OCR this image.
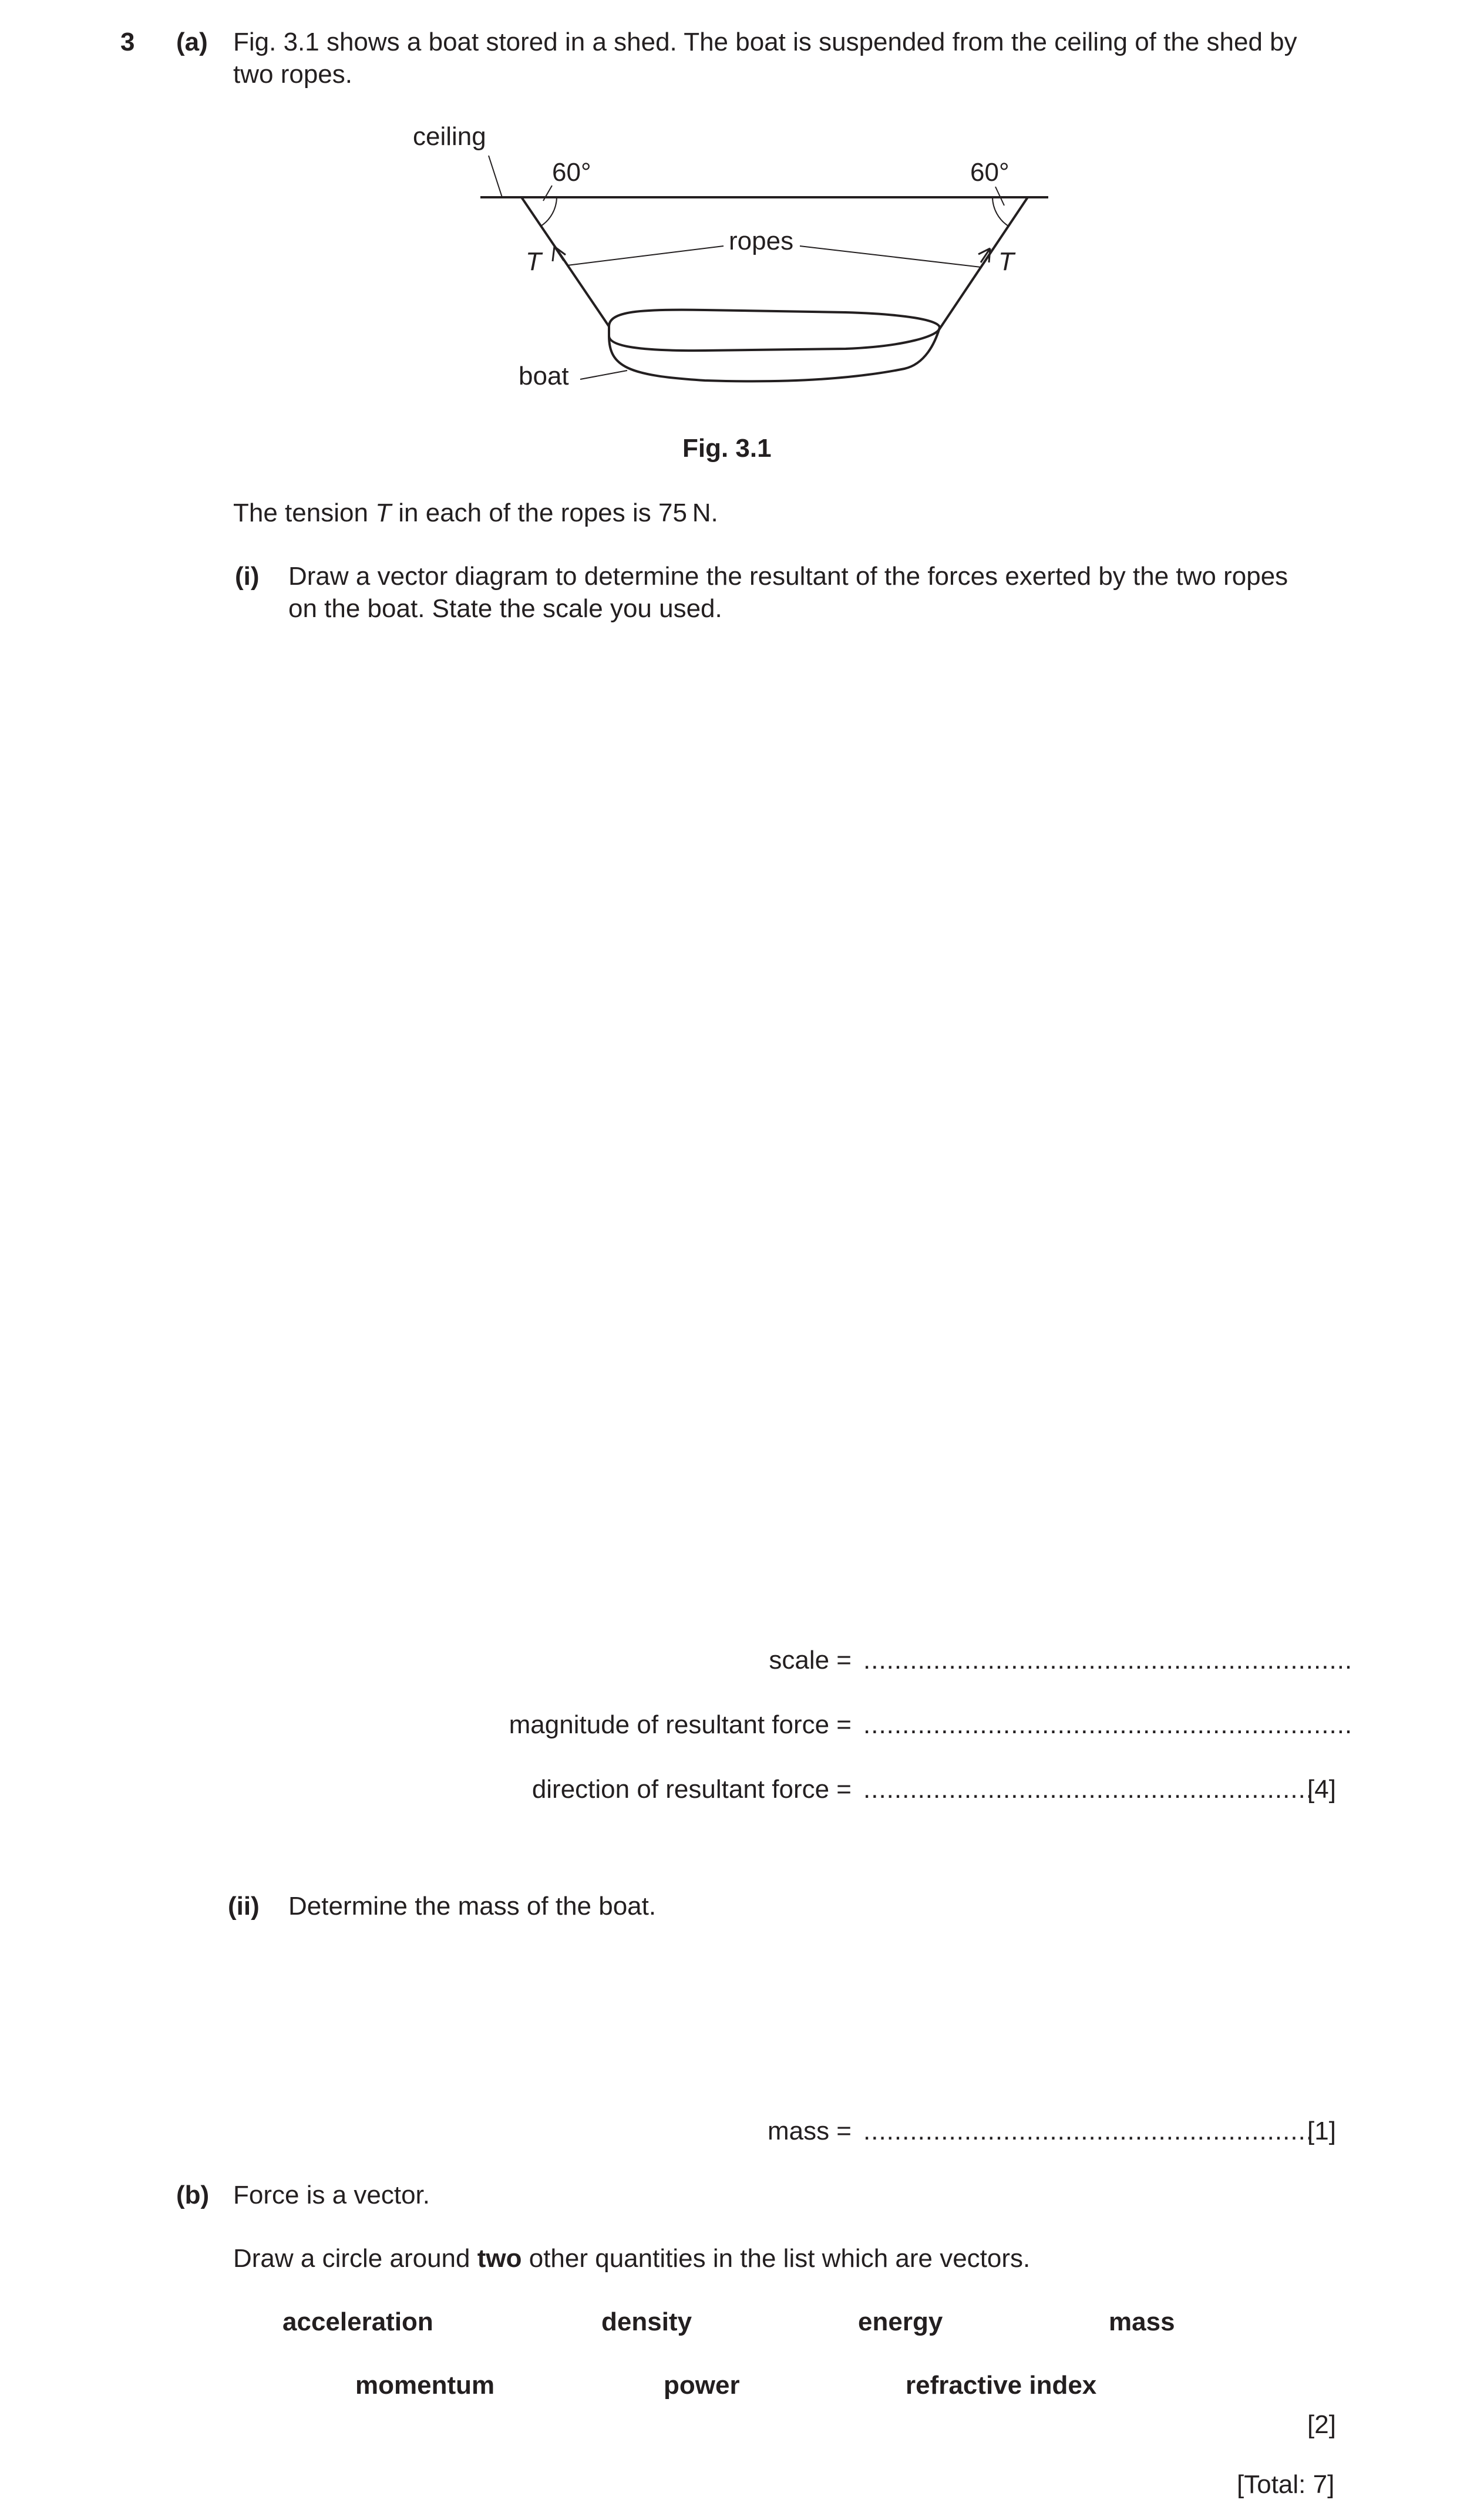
3 (a) Fig. 3.1 shows a boat stored in a shed. The boat is suspended from the ceiling of the shed by
two ropes.
ceiling
60°	60°
ropes
T	T
boat
Fig. 3.1
The tension T in each of the ropes is 75 N.
(i) Draw a vector diagram to determine the resultant of the forces exerted by the two ropes
on the boat. State the scale you used.
scale = ...............................................................
magnitude of resultant force = ...............................................................
direction of resultant force = ..........................................................
[4]
(ii) Determine the mass of the boat.
mass = ..........................................................
[1]
(b) Force is a vector.
Draw a circle around two other quantities in the list which are vectors.
acceleration	density	energy	mass
momentum	power	refractive index
[2]
[Total: 7]
